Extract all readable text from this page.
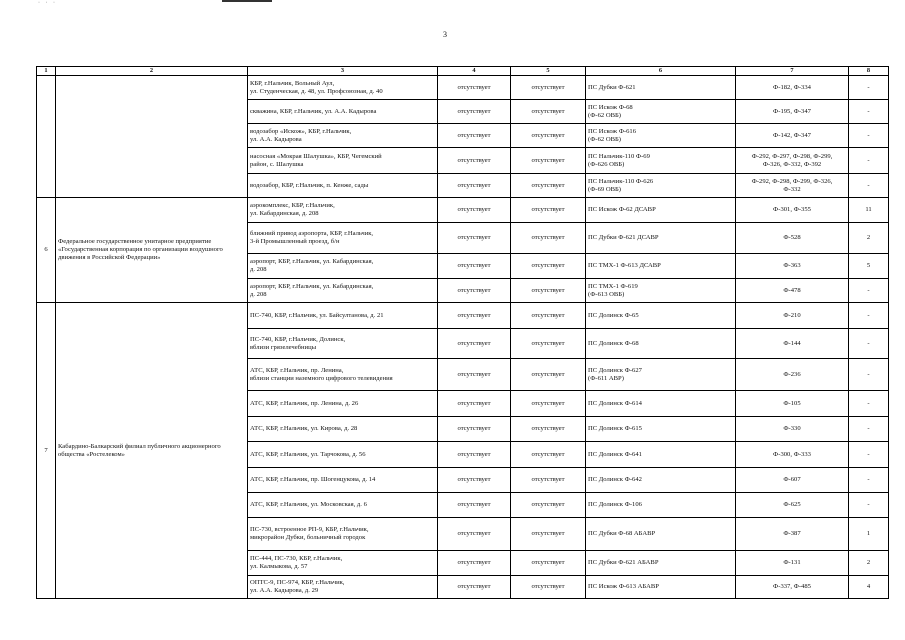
· · ·
3
1	2	3	4	5	6	7	8
		КБР, г.Нальчик, Вольный Аул,
ул. Студенческая, д. 48, ул. Профсоюзная, д. 40	отсутствует	отсутствует	ПС Дубки Ф-621	Ф-182, Ф-334	-
		скважина, КБР, г.Нальчик, ул. А.А. Кадырова	отсутствует	отсутствует	ПС Искож Ф-68
(Ф-62 ОВБ)	Ф-195, Ф-347	-
		водозабор «Искож», КБР, г.Нальчик,
ул. А.А. Кадырова	отсутствует	отсутствует	ПС Искож Ф-616
(Ф-62 ОВБ)	Ф-142, Ф-347	-
		насосная «Мокрая Шалушка», КБР, Чегемский
район, с. Шалушка	отсутствует	отсутствует	ПС Нальчик-110 Ф-69
(Ф-626 ОВБ)	Ф-292, Ф-297, Ф-298, Ф-299,
Ф-326, Ф-332, Ф-392	-
		водозабор, КБР, г.Нальчик, п. Кенже, сады	отсутствует	отсутствует	ПС Нальчик-110 Ф-626
(Ф-69 ОВБ)	Ф-292, Ф-298, Ф-299, Ф-326,
Ф-332	-
6	Федеральное государственное унитарное предприятие «Государственная корпорация по организации воздушного движения в Российской Федерации»	аэрокомплекс, КБР, г.Нальчик,
ул. Кабардинская, д. 208	отсутствует	отсутствует	ПС Искож Ф-62 ДСАВР	Ф-301, Ф-355	11
		ближний привод аэропорта, КБР, г.Нальчик,
3-й Промышленный проезд, б/н	отсутствует	отсутствует	ПС Дубки Ф-621 ДСАВР	Ф-528	2
		аэропорт, КБР, г.Нальчик, ул. Кабардинская,
д. 208	отсутствует	отсутствует	ПС ТМХ-1 Ф-613 ДСАВР	Ф-363	5
		аэропорт, КБР, г.Нальчик, ул. Кабардинская,
д. 208	отсутствует	отсутствует	ПС ТМХ-1 Ф-619
(Ф-613 ОВБ)	Ф-478	-
7	Кабардино-Балкарский филиал публичного акционерного общества «Ростелеком»	ПС-740, КБР, г.Нальчик, ул. Байсултанова, д. 21	отсутствует	отсутствует	ПС Долинск Ф-65	Ф-210	-
		ПС-740, КБР, г.Нальчик, Долинск,
вблизи грязелечебницы	отсутствует	отсутствует	ПС Долинск Ф-68	Ф-144	-
		АТС, КБР, г.Нальчик, пр. Ленина,
вблизи станции наземного цифрового телевидения	отсутствует	отсутствует	ПС Долинск Ф-627
(Ф-611 АВР)	Ф-236	-
		АТС, КБР, г.Нальчик, пр. Ленина, д. 26	отсутствует	отсутствует	ПС Долинск Ф-614	Ф-105	-
		АТС, КБР, г.Нальчик, ул. Кирова, д. 28	отсутствует	отсутствует	ПС Долинск Ф-615	Ф-330	-
		АТС, КБР, г.Нальчик, ул. Тарчокова, д. 56	отсутствует	отсутствует	ПС Долинск Ф-641	Ф-300, Ф-333	-
		АТС, КБР, г.Нальчик, пр. Шогенцукова, д. 14	отсутствует	отсутствует	ПС Долинск Ф-642	Ф-607	-
		АТС, КБР, г.Нальчик, ул. Московская, д. 6	отсутствует	отсутствует	ПС Долинск Ф-106	Ф-625	-
		ПС-730, встроенное РП-9, КБР, г.Нальчик,
микрорайон Дубки, больничный городок	отсутствует	отсутствует	ПС Дубки Ф-68 АБАВР	Ф-387	1
		ПС-444, ПС-730, КБР, г.Нальчик,
ул. Калмыкова, д. 57	отсутствует	отсутствует	ПС Дубки Ф-621 АБАВР	Ф-131	2
		ОПТС-9, ПС-974, КБР, г.Нальчик,
ул. А.А. Кадырова, д. 29	отсутствует	отсутствует	ПС Искож Ф-613 АБАВР	Ф-337, Ф-485	4
